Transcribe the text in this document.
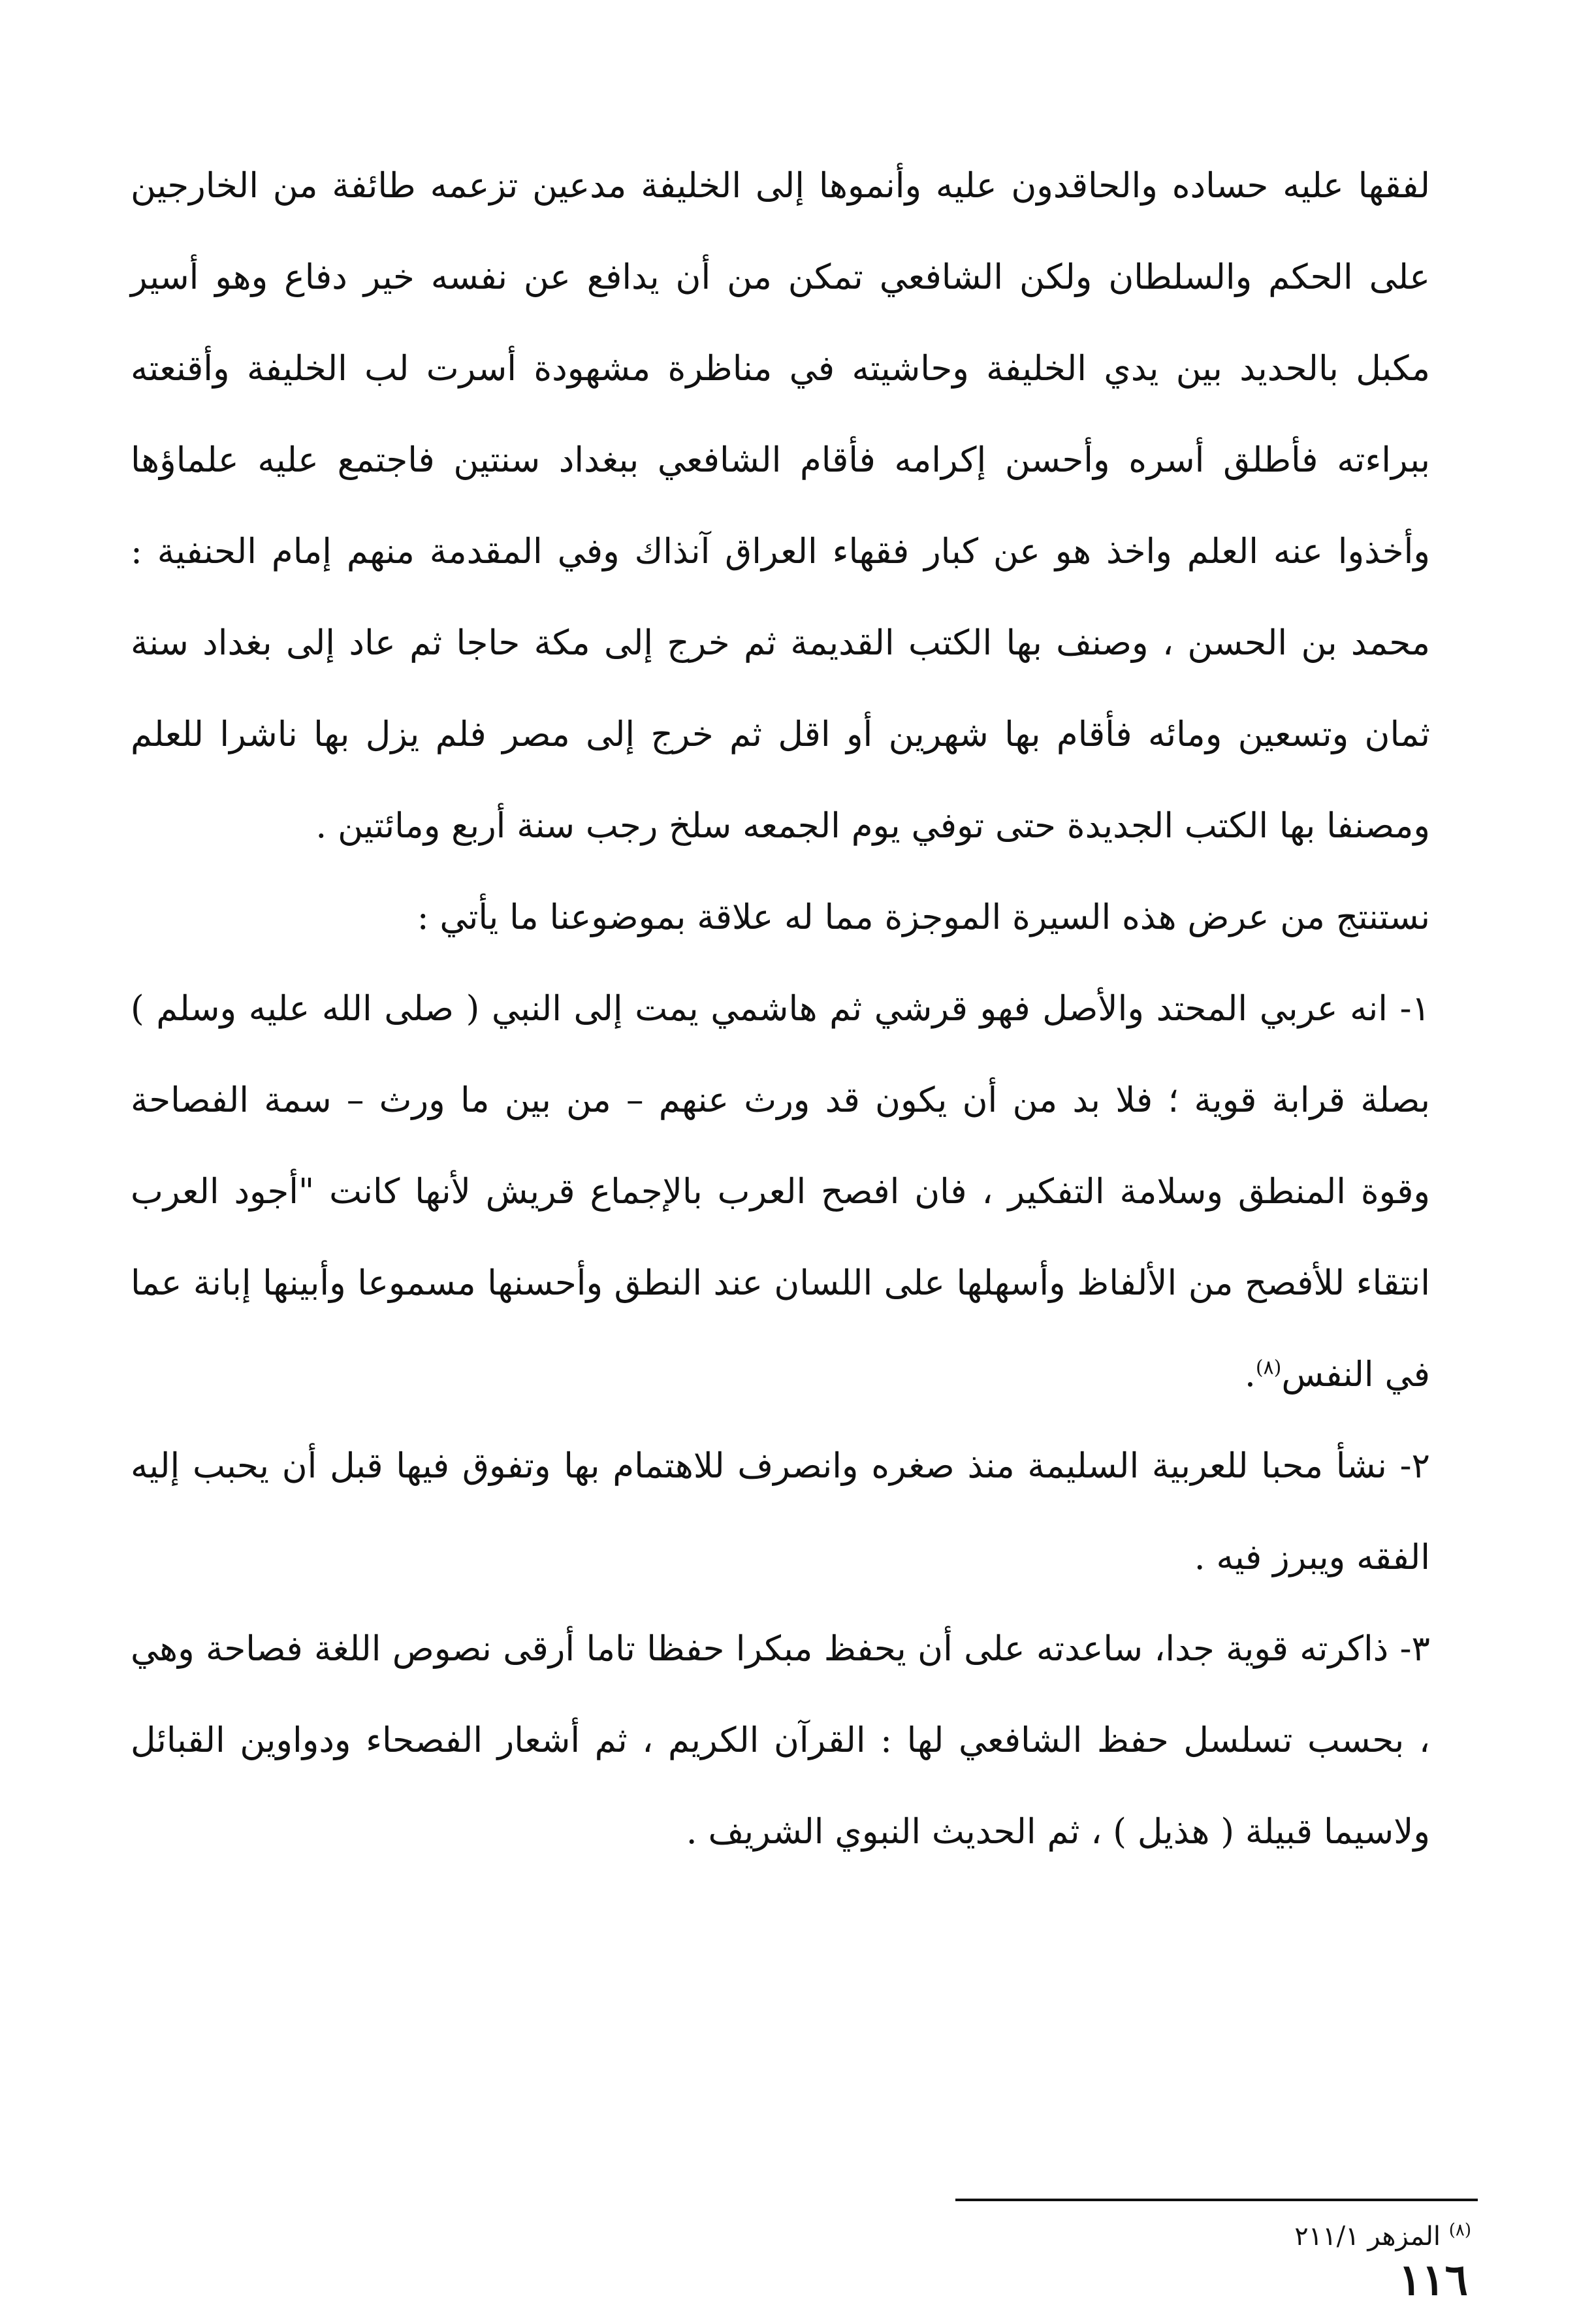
لفقها عليه حساده والحاقدون عليه وأنموها إلى الخليفة مدعين تزعمه طائفة من الخارجين على الحكم والسلطان ولكن الشافعي تمكن من أن يدافع عن نفسه خير دفاع وهو أسير مكبل بالحديد بين يدي الخليفة وحاشيته في مناظرة مشهودة أسرت لب الخليفة وأقنعته ببراءته فأطلق أسره وأحسن إكرامه فأقام الشافعي ببغداد سنتين فاجتمع عليه علماؤها وأخذوا عنه العلم واخذ هو عن كبار فقهاء العراق آنذاك وفي المقدمة منهم إمام الحنفية : محمد بن الحسن ، وصنف بها الكتب القديمة ثم خرج إلى مكة حاجا ثم عاد إلى بغداد سنة ثمان وتسعين ومائه فأقام بها شهرين أو اقل ثم خرج إلى مصر فلم يزل بها ناشرا للعلم ومصنفا بها الكتب الجديدة حتى توفي يوم الجمعه سلخ رجب سنة أربع ومائتين .

نستنتج من عرض هذه السيرة الموجزة مما له علاقة بموضوعنا ما يأتي :

١- انه عربي المحتد والأصل فهو قرشي ثم هاشمي يمت إلى النبي ( صلى الله عليه وسلم ) بصلة قرابة قوية ؛ فلا بد من أن يكون قد ورث عنهم – من بين ما ورث – سمة الفصاحة وقوة المنطق وسلامة التفكير ، فان افصح العرب بالإجماع قريش لأنها كانت "أجود العرب انتقاء للأفصح من الألفاظ وأسهلها على اللسان عند النطق وأحسنها مسموعا وأبينها إبانة عما في النفس$^{(٨)}$.

٢- نشأ محبا للعربية السليمة منذ صغره وانصرف للاهتمام بها وتفوق فيها قبل أن يحبب إليه الفقه ويبرز فيه .

٣- ذاكرته قوية جدا، ساعدته على أن يحفظ مبكرا حفظا تاما أرقى نصوص اللغة فصاحة وهي ، بحسب تسلسل حفظ الشافعي لها : القرآن الكريم ، ثم أشعار الفصحاء ودواوين القبائل ولاسيما قبيلة ( هذيل ) ، ثم الحديث النبوي الشريف .

$^{(٨)}$ المزهر ٢١١/١
١١٦
